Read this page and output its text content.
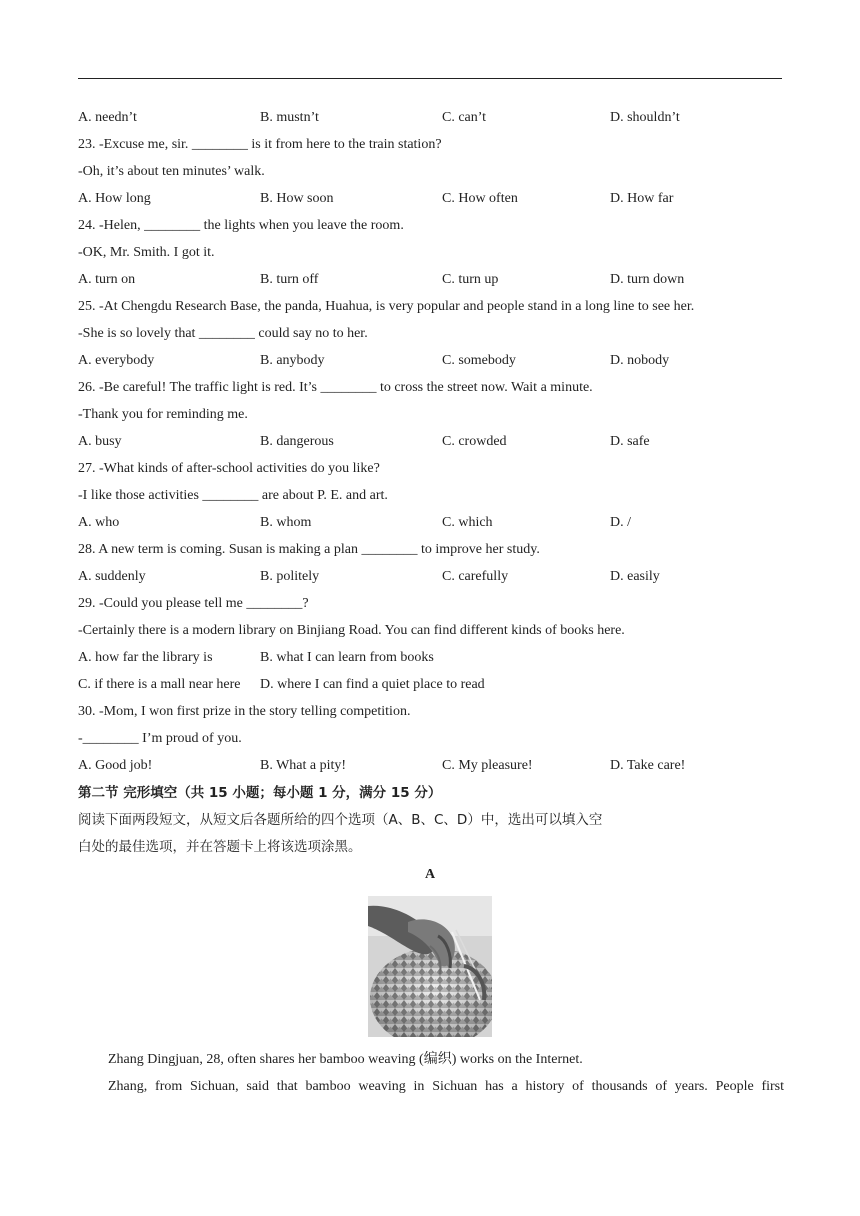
A. needn’t	B. mustn’t	C. can’t	D. shouldn’t
23. -Excuse me, sir. ________ is it from here to the train station?
-Oh, it’s about ten minutes’ walk.
A. How long	B. How soon	C. How often	D. How far
24. -Helen, ________ the lights when you leave the room.
-OK, Mr. Smith. I got it.
A. turn on	B. turn off	C. turn up	D. turn down
25. -At Chengdu Research Base, the panda, Huahua, is very popular and people stand in a long line to see her.
-She is so lovely that ________ could say no to her.
A. everybody	B. anybody	C. somebody	D. nobody
26. -Be careful! The traffic light is red. It’s ________ to cross the street now. Wait a minute.
-Thank you for reminding me.
A. busy	B. dangerous	C. crowded	D. safe
27. -What kinds of after-school activities do you like?
-I like those activities ________ are about P. E. and art.
A. who	B. whom	C. which	D. /
28. A new term is coming. Susan is making a plan ________ to improve her study.
A. suddenly	B. politely	C. carefully	D. easily
29. -Could you please tell me ________?
-Certainly there is a modern library on Binjiang Road. You can find different kinds of books here.
A. how far the library is	B. what I can learn from books
C. if there is a mall near here D. where I can find a quiet place to read
30. -Mom, I won first prize in the story telling competition.
-________ I’m proud of you.
A. Good job!	B. What a pity!	C. My pleasure!	D. Take care!
第二节 完形填空（共 15 小题；每小题 1 分，满分 15 分）
阅读下面两段短文，从短文后各题所给的四个选项（A、B、C、D）中，选出可以填入空
白处的最佳选项，并在答题卡上将该选项涂黑。
A
Zhang Dingjuan, 28, often shares her bamboo weaving (编织) works on the Internet.
Zhang, from Sichuan, said that bamboo weaving in Sichuan has a history of thousands of years. People first
